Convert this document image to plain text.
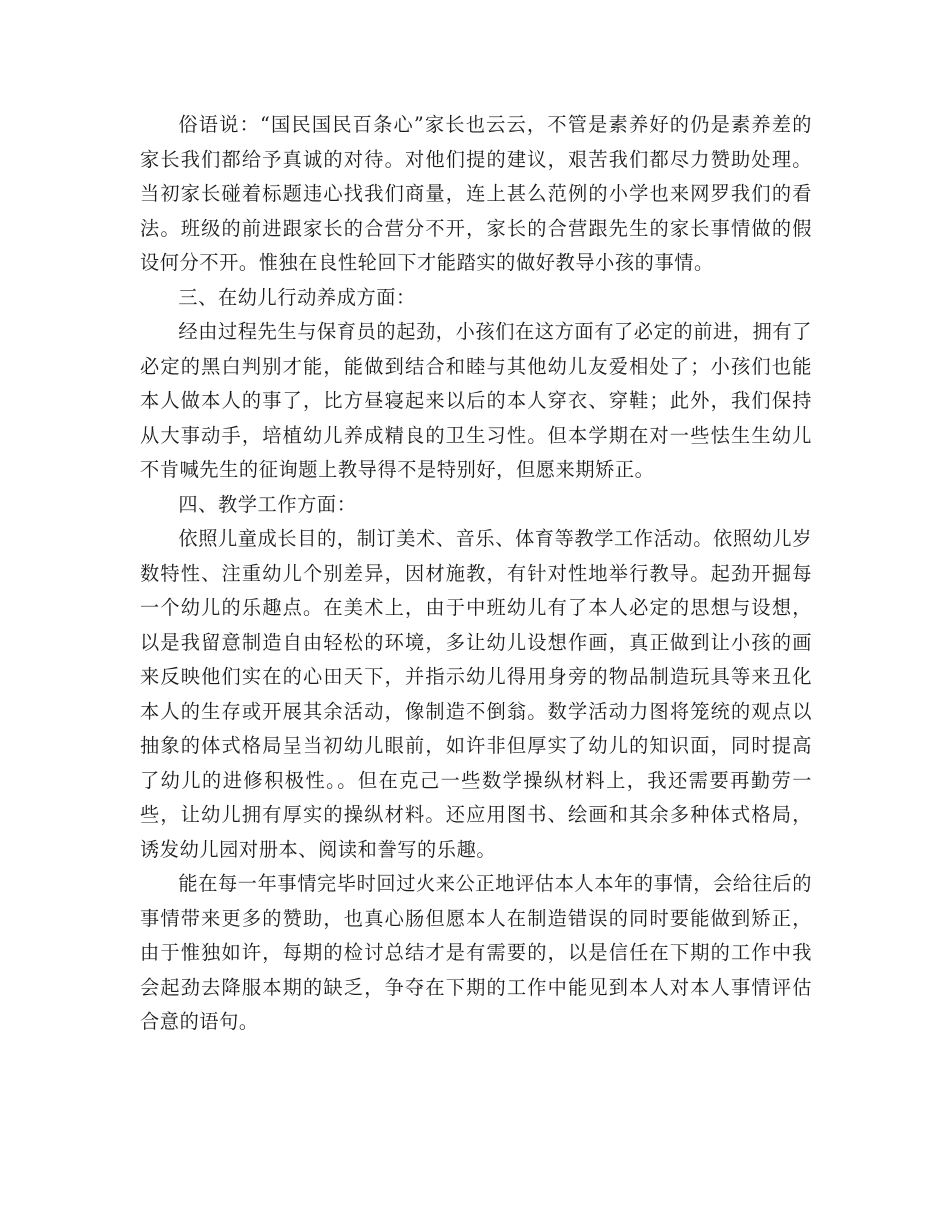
俗语说：“国民国民百条心”家长也云云，不管是素养好的仍是素养差的家长我们都给予真诚的对待。对他们提的建议，艰苦我们都尽力赞助处理。当初家长碰着标题违心找我们商量，连上甚么范例的小学也来网罗我们的看法。班级的前进跟家长的合营分不开，家长的合营跟先生的家长事情做的假设何分不开。惟独在良性轮回下才能踏实的做好教导小孩的事情。

三、在幼儿行动养成方面：

经由过程先生与保育员的起劲，小孩们在这方面有了必定的前进，拥有了必定的黑白判别才能，能做到结合和睦与其他幼儿友爱相处了；小孩们也能本人做本人的事了，比方昼寝起来以后的本人穿衣、穿鞋；此外，我们保持从大事动手，培植幼儿养成精良的卫生习性。但本学期在对一些怯生生幼儿不肯喊先生的征询题上教导得不是特别好，但愿来期矫正。

四、教学工作方面：

依照儿童成长目的，制订美术、音乐、体育等教学工作活动。依照幼儿岁数特性、注重幼儿个别差异，因材施教，有针对性地举行教导。起劲开掘每一个幼儿的乐趣点。在美术上，由于中班幼儿有了本人必定的思想与设想，以是我留意制造自由轻松的环境，多让幼儿设想作画，真正做到让小孩的画来反映他们实在的心田天下，并指示幼儿得用身旁的物品制造玩具等来丑化本人的生存或开展其余活动，像制造不倒翁。数学活动力图将笼统的观点以抽象的体式格局呈当初幼儿眼前，如许非但厚实了幼儿的知识面，同时提高了幼儿的进修积极性。。但在克己一些数学操纵材料上，我还需要再勤劳一些，让幼儿拥有厚实的操纵材料。还应用图书、绘画和其余多种体式格局，诱发幼儿园对册本、阅读和誊写的乐趣。

能在每一年事情完毕时回过火来公正地评估本人本年的事情，会给往后的事情带来更多的赞助，也真心肠但愿本人在制造错误的同时要能做到矫正，由于惟独如许，每期的检讨总结才是有需要的，以是信任在下期的工作中我会起劲去降服本期的缺乏，争夺在下期的工作中能见到本人对本人事情评估合意的语句。
